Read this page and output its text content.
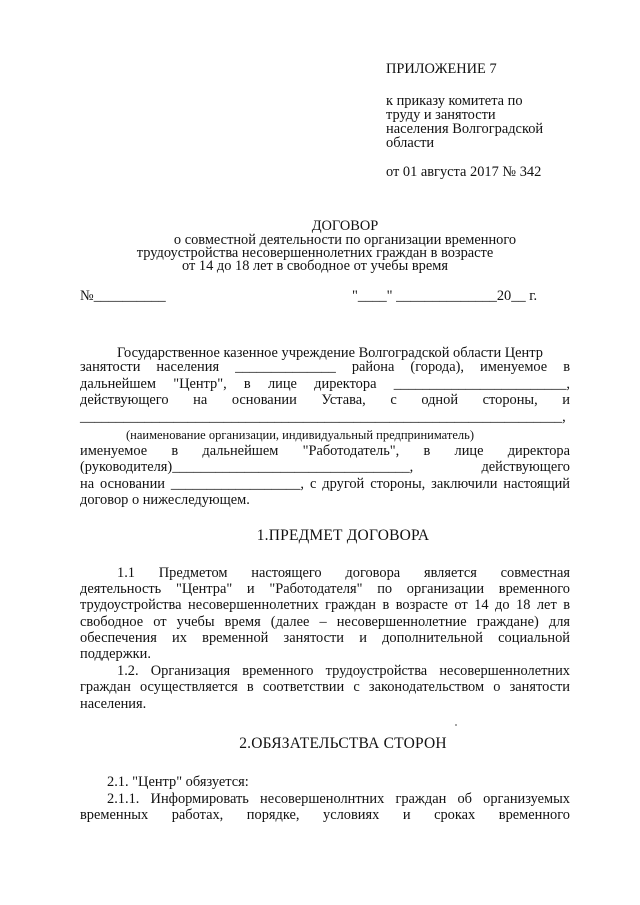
ПРИЛОЖЕНИЕ 7
к приказу комитета по
труду и занятости
населения Волгоградской
области
от 01 августа 2017 № 342
ДОГОВОР
о совместной деятельности по организации временного
трудоустройства несовершеннолетних граждан в возрасте
от 14 до 18 лет в свободное от учебы время
№__________	"____" ______________20__ г.
Государственное казенное учреждение Волгоградской области Центр
занятости населения ______________ района (города), именуемое в
дальнейшем "Центр", в лице директора ________________________,
действующего на основании Устава, с одной стороны, и
___________________________________________________________________,
(наименование организации, индивидуальный предприниматель)
именуемое в дальнейшем "Работодатель", в лице директора
(руководителя)_________________________________, действующего
на основании __________________, с другой стороны, заключили настоящий
договор о нижеследующем.
1.ПРЕДМЕТ ДОГОВОРА
1.1 Предметом настоящего договора является совместная
деятельность "Центра" и "Работодателя" по организации временного
трудоустройства несовершеннолетних граждан в возрасте от 14 до 18 лет в
свободное от учебы время (далее – несовершеннолетние граждане) для
обеспечения их временной занятости и дополнительной социальной
поддержки.
1.2. Организация временного трудоустройства несовершеннолетних
граждан осуществляется в соответствии с законодательством о занятости
населения.
2.ОБЯЗАТЕЛЬСТВА СТОРОН
2.1. "Центр" обязуется:
2.1.1. Информировать несовершенолнтних граждан об организуемых
временных работах, порядке, условиях и сроках временного
